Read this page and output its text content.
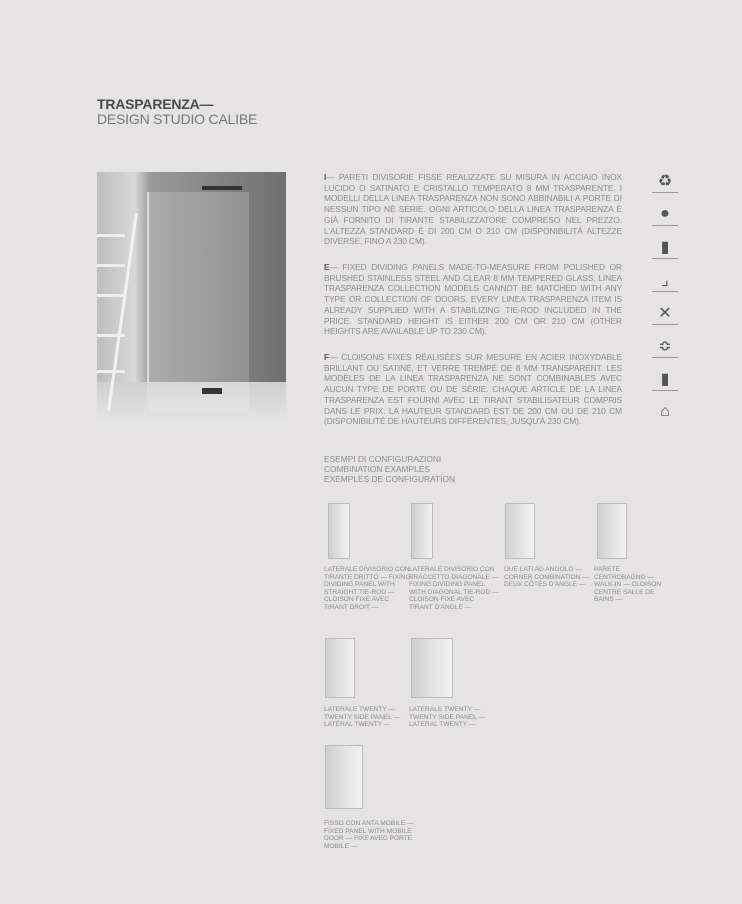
TRASPARENZA—
DESIGN STUDIO CALIBE
I— PARETI DIVISORIE FISSE REALIZZATE SU MISURA IN ACCIAIO INOX LUCIDO O SATINATO E CRISTALLO TEMPERATO 8 MM TRASPARENTE. I MODELLI DELLA LINEA TRASPARENZA NON SONO ABBINABILI A PORTE DI NESSUN TIPO NÈ SERIE. OGNI ARTICOLO DELLA LINEA TRASPARENZA È GIÀ FORNITO DI TIRANTE STABILIZZATORE COMPRESO NEL PREZZO. L'ALTEZZA STANDARD È DI 200 CM O 210 CM (DISPONIBILITÀ ALTEZZE DIVERSE, FINO A 230 CM).
E— FIXED DIVIDING PANELS MADE-TO-MEASURE FROM POLISHED OR BRUSHED STAINLESS STEEL AND CLEAR 8 MM TEMPERED GLASS. LINEA TRASPARENZA COLLECTION MODELS CANNOT BE MATCHED WITH ANY TYPE OR COLLECTION OF DOORS. EVERY LINEA TRASPARENZA ITEM IS ALREADY SUPPLIED WITH A STABILIZING TIE-ROD INCLUDED IN THE PRICE. STANDARD HEIGHT IS EITHER 200 CM OR 210 CM (OTHER HEIGHTS ARE AVAILABLE UP TO 230 CM).
F— CLOISONS FIXES RÉALISÉES SUR MESURE EN ACIER INOXYDABLE BRILLANT OU SATINÉ, ET VERRE TREMPÉ DE 8 MM TRANSPARENT. LES MODÈLES DE LA LINEA TRASPARENZA NE SONT COMBINABLES AVEC AUCUN TYPE DE PORTE OU DE SÉRIE. CHAQUE ARTICLE DE LA LINEA TRASPARENZA EST FOURNI AVEC LE TIRANT STABILISATEUR COMPRIS DANS LE PRIX. LA HAUTEUR STANDARD EST DE 200 CM OU DE 210 CM (DISPONIBILITÉ DE HAUTEURS DIFFÉRENTES, JUSQU'À 230 CM).
♻
●
▮
⌟
✕
≎
▮
⌂
ESEMPI DI CONFIGURAZIONI
COMBINATION EXAMPLES
EXEMPLES DE CONFIGURATION
LATERALE DIVISORIO CON TIRANTE DRITTO — FIXING DIVIDING PANEL WITH STRAIGHT TIE-ROD — CLOISON FIXE AVEC TIRANT DROIT —
LATERALE DIVISORIO CON BRACCETTO DIAGONALE — FIXING DIVIDING PANEL WITH DIAGONAL TIE-ROD — CLOISON FIXE AVEC TIRANT D'ANGLE —
DUE LATI AD ANGOLO — CORNER COMBINATION — DEUX CÔTÉS D'ANGLE —
PARETE CENTROBAGNO — WALK-IN — CLOISON CENTRE SALLE DE BAINS —
LATERALE TWENTY — TWENTY SIDE PANEL — LATÉRAL TWENTY —
LATERALE TWENTY — TWENTY SIDE PANEL — LATERAL TWENTY —
FISSO CON ANTA MOBILE — FIXED PANEL WITH MOBILE DOOR — FIXE AVEC PORTE MOBILE —
